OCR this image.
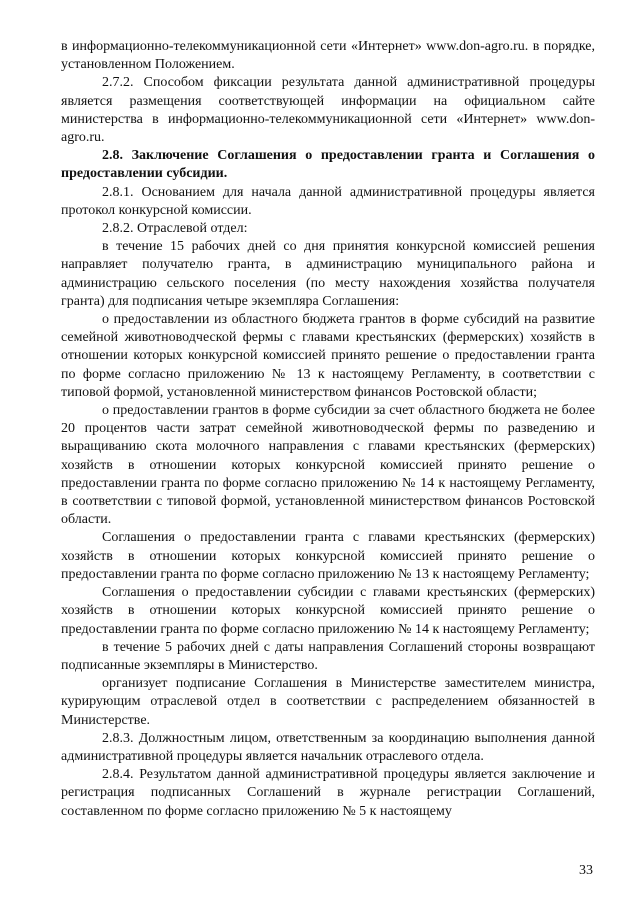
в информационно-телекоммуникационной сети «Интернет» www.don-agro.ru. в порядке, установленном Положением.

2.7.2. Способом фиксации результата данной административной процедуры является размещения соответствующей информации на официальном сайте министерства в информационно-телекоммуникационной сети «Интернет» www.don-agro.ru.

2.8. Заключение Соглашения о предоставлении гранта и Соглашения о предоставлении субсидии.

2.8.1. Основанием для начала данной административной процедуры является протокол конкурсной комиссии.

2.8.2. Отраслевой отдел:

в течение 15 рабочих дней со дня принятия конкурсной комиссией решения направляет получателю гранта, в администрацию муниципального района и администрацию сельского поселения (по месту нахождения хозяйства получателя гранта) для подписания четыре экземпляра Соглашения:

о предоставлении из областного бюджета грантов в форме субсидий на развитие семейной животноводческой фермы с главами крестьянских (фермерских) хозяйств в отношении которых конкурсной комиссией принято решение о предоставлении гранта по форме согласно приложению № 13 к настоящему Регламенту, в соответствии с типовой формой, установленной министерством финансов Ростовской области;

о предоставлении грантов в форме субсидии за счет областного бюджета не более 20 процентов части затрат семейной животноводческой фермы по разведению и выращиванию скота молочного направления с главами крестьянских (фермерских) хозяйств в отношении которых конкурсной комиссией принято решение о предоставлении гранта по форме согласно приложению № 14 к настоящему Регламенту, в соответствии с типовой формой, установленной министерством финансов Ростовской области.

Соглашения о предоставлении гранта с главами крестьянских (фермерских) хозяйств в отношении которых конкурсной комиссией принято решение о предоставлении гранта по форме согласно приложению № 13 к настоящему Регламенту;

Соглашения о предоставлении субсидии с главами крестьянских (фермерских) хозяйств в отношении которых конкурсной комиссией принято решение о предоставлении гранта по форме согласно приложению № 14 к настоящему Регламенту;

в течение 5 рабочих дней с даты направления Соглашений стороны возвращают подписанные экземпляры в Министерство.

организует подписание Соглашения в Министерстве заместителем министра, курирующим отраслевой отдел в соответствии с распределением обязанностей в Министерстве.

2.8.3. Должностным лицом, ответственным за координацию выполнения данной административной процедуры является начальник отраслевого отдела.

2.8.4. Результатом данной административной процедуры является заключение и регистрация подписанных Соглашений в журнале регистрации Соглашений, составленном по форме согласно приложению № 5 к настоящему

33
